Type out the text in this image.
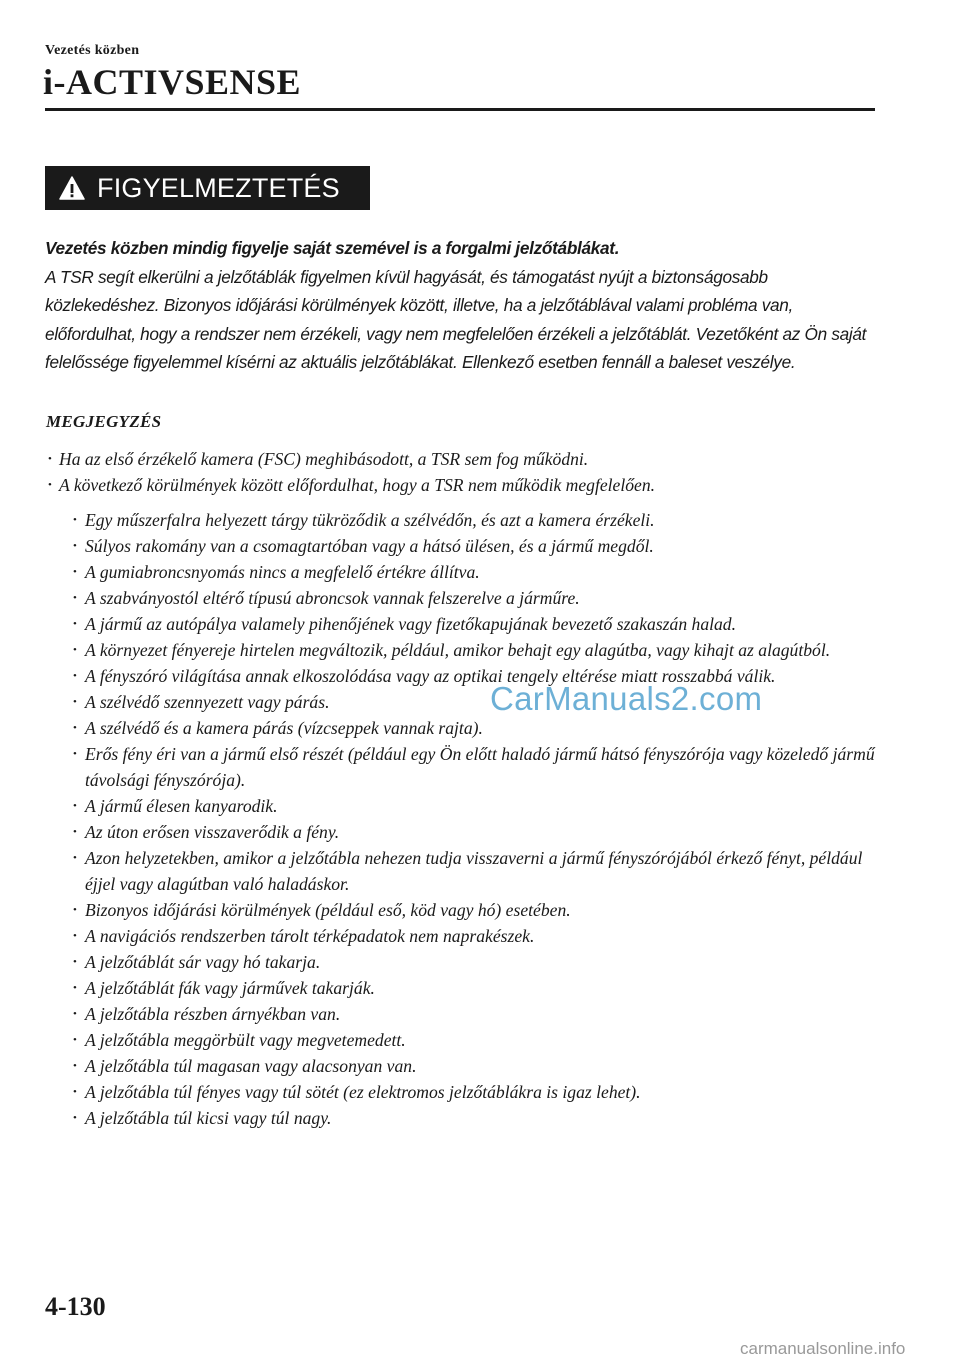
Vezetés közben
i-ACTIVSENSE
FIGYELMEZTETÉS

Vezetés közben mindig figyelje saját szemével is a forgalmi jelzőtáblákat.

A TSR segít elkerülni a jelzőtáblák figyelmen kívül hagyását, és támogatást nyújt a biztonságosabb közlekedéshez. Bizonyos időjárási körülmények között, illetve, ha a jelzőtáblával valami probléma van, előfordulhat, hogy a rendszer nem érzékeli, vagy nem megfelelően érzékeli a jelzőtáblát. Vezetőként az Ön saját felelőssége figyelemmel kísérni az aktuális jelzőtáblákat. Ellenkező esetben fennáll a baleset veszélye.

MEGJEGYZÉS
• Ha az első érzékelő kamera (FSC) meghibásodott, a TSR sem fog működni.
• A következő körülmények között előfordulhat, hogy a TSR nem működik megfelelően.
• Egy műszerfalra helyezett tárgy tükröződik a szélvédőn, és azt a kamera érzékeli.
• Súlyos rakomány van a csomagtartóban vagy a hátsó ülésen, és a jármű megdől.
• A gumiabroncsnyomás nincs a megfelelő értékre állítva.
• A szabványostól eltérő típusú abroncsok vannak felszerelve a járműre.
• A jármű az autópálya valamely pihenőjének vagy fizetőkapujának bevezető szakaszán halad.
• A környezet fényereje hirtelen megváltozik, például, amikor behajt egy alagútba, vagy kihajt az alagútból.
• A fényszóró világítása annak elkoszolódása vagy az optikai tengely eltérése miatt rosszabbá válik.
• A szélvédő szennyezett vagy párás.
• A szélvédő és a kamera párás (vízcseppek vannak rajta).
• Erős fény éri van a jármű első részét (például egy Ön előtt haladó jármű hátsó fényszórója vagy közeledő jármű távolsági fényszórója).
• A jármű élesen kanyarodik.
• Az úton erősen visszaverődik a fény.
• Azon helyzetekben, amikor a jelzőtábla nehezen tudja visszaverni a jármű fényszórójából érkező fényt, például éjjel vagy alagútban való haladáskor.
• Bizonyos időjárási körülmények (például eső, köd vagy hó) esetében.
• A navigációs rendszerben tárolt térképadatok nem naprakészek.
• A jelzőtáblát sár vagy hó takarja.
• A jelzőtáblát fák vagy járművek takarják.
• A jelzőtábla részben árnyékban van.
• A jelzőtábla meggörbült vagy megvetemedett.
• A jelzőtábla túl magasan vagy alacsonyan van.
• A jelzőtábla túl fényes vagy túl sötét (ez elektromos jelzőtáblákra is igaz lehet).
• A jelzőtábla túl kicsi vagy túl nagy.
CarManuals2.com
4-130
carmanualsonline.info
